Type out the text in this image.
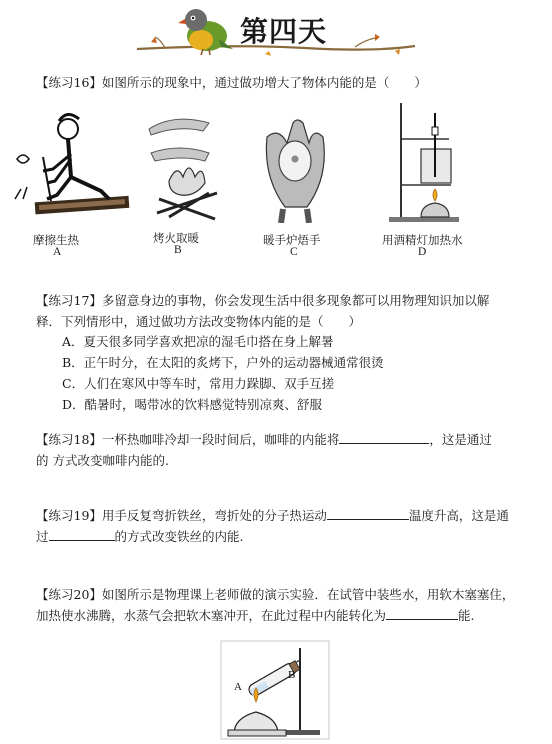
第四天
【练习16】如图所示的现象中，通过做功增大了物体内能的是（　　）
摩擦生热
A
烤火取暖
B
暖手炉焐手
C
用酒精灯加热水
D
【练习17】多留意身边的事物，你会发现生活中很多现象都可以用物理知识加以解
释．下列情形中，通过做功方法改变物体内能的是（　　）
A．夏天很多同学喜欢把凉的湿毛巾搭在身上解暑
B．正午时分，在太阳的炙烤下，户外的运动器械通常很烫
C．人们在寒风中等车时，常用力跺脚、双手互搓
D．酷暑时，喝带冰的饮料感觉特别凉爽、舒服
【练习18】一杯热咖啡冷却一段时间后，咖啡的内能将	，这是通过
的 方式改变咖啡内能的.
【练习19】用手反复弯折铁丝，弯折处的分子热运动	温度升高，这是通
过	的方式改变铁丝的内能.
【练习20】如图所示是物理课上老师做的演示实验．在试管中装些水，用软木塞塞住，
加热使水沸腾，水蒸气会把软木塞冲开，在此过程中内能转化为	能.
A
B
